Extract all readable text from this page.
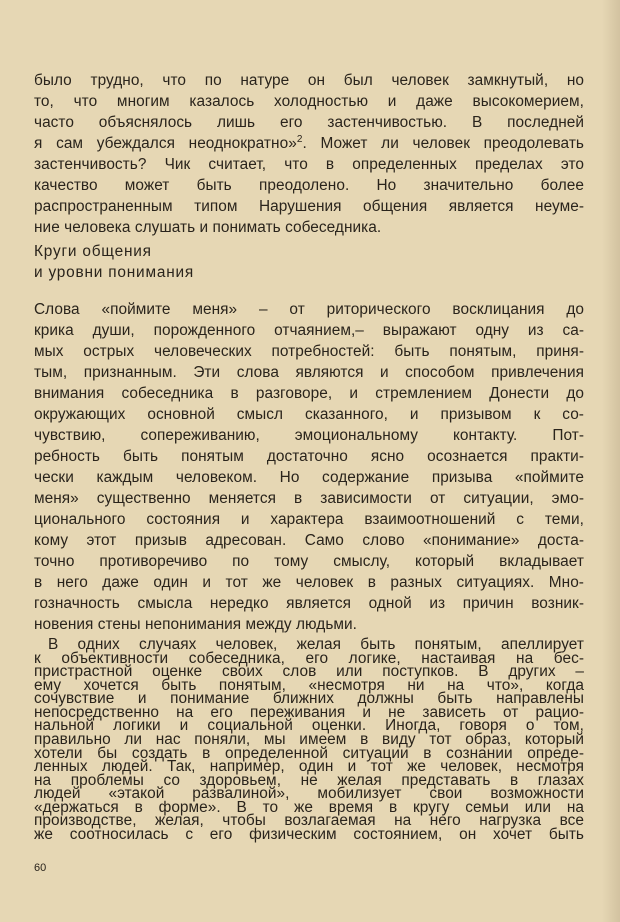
было трудно, что по натуре он был человек замкнутый, но
то, что многим казалось холодностью и даже высокомерием,
часто объяснялось лишь его застенчивостью. В последней
я сам убеждался неоднократно»$^2$. Может ли человек преодолевать
застенчивость? Чик считает, что в определенных пределах это
качество может быть преодолено. Но значительно более
распространенным типом Нарушения общения является неуме-
ние человека слушать и понимать собеседника.
Круги общения
и уровни понимания
Слова «поймите меня» – от риторического восклицания до
крика души, порожденного отчаянием,– выражают одну из са-
мых острых человеческих потребностей: быть понятым, приня-
тым, признанным. Эти слова являются и способом привлечения
внимания собеседника в разговоре, и стремлением Донести до
окружающих основной смысл сказанного, и призывом к со-
чувствию, сопереживанию, эмоциональному контакту. Пот-
ребность быть понятым достаточно ясно осознается практи-
чески каждым человеком. Но содержание призыва «поймите
меня» существенно меняется в зависимости от ситуации, эмо-
ционального состояния и характера взаимоотношений с теми,
кому этот призыв адресован. Само слово «понимание» доста-
точно противоречиво по тому смыслу, который вкладывает
в него даже один и тот же человек в разных ситуациях. Мно-
гозначность смысла нередко является одной из причин возник-
новения стены непонимания между людьми.
В одних случаях человек, желая быть понятым, апеллирует
к объективности собеседника, его логике, настаивая на бес-
пристрастной оценке своих слов или поступков. В других –
ему хочется быть понятым, «несмотря ни на что», когда
сочувствие и понимание ближних должны быть направлены
непосредственно на его переживания и не зависеть от рацио-
нальной логики и социальной оценки. Иногда, говоря о том,
правильно ли нас поняли, мы имеем в виду тот образ, который
хотели бы создать в определенной ситуации в сознании опреде-
ленных людей. Так, например, один и тот же человек, несмотря
на проблемы со здоровьем, не желая представать в глазах
людей «этакой развалиной», мобилизует свои возможности
«держаться в форме». В то же время в кругу семьи или на
производстве, желая, чтобы возлагаемая на него нагрузка все
же соотносилась с его физическим состоянием, он хочет быть
60
